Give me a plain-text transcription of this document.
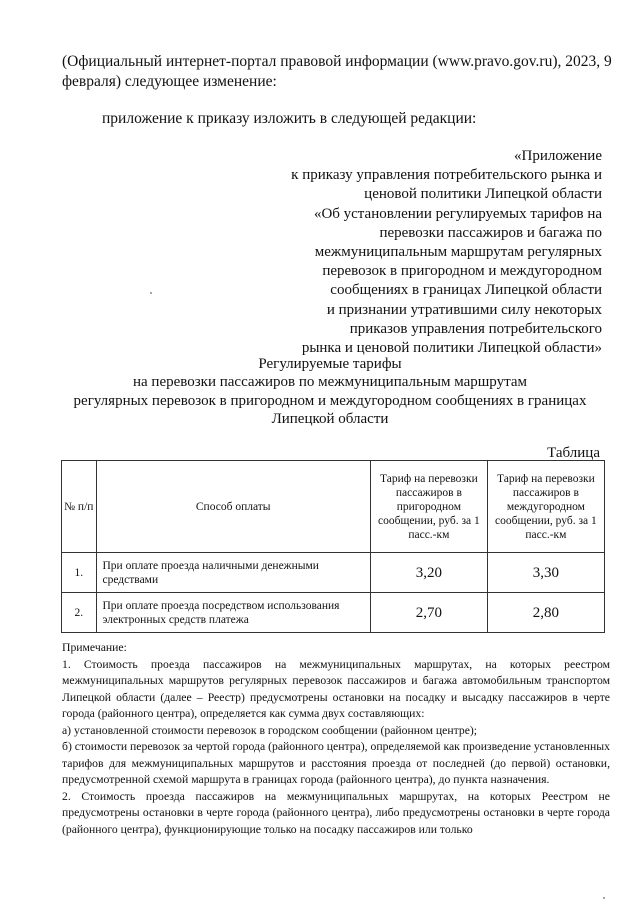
(Официальный интернет-портал правовой информации (www.pravo.gov.ru), 2023, 9
февраля) следующее изменение:
приложение к приказу изложить в следующей редакции:
«Приложение
к приказу управления потребительского рынка и
ценовой политики Липецкой области
«Об установлении регулируемых тарифов на
перевозки пассажиров и багажа по
межмуниципальным маршрутам регулярных
перевозок в пригородном и междугородном
сообщениях в границах Липецкой области
и признании утратившими силу некоторых
приказов управления потребительского
рынка и ценовой политики Липецкой области»
Регулируемые тарифы
на перевозки пассажиров по межмуниципальным маршрутам
регулярных перевозок в пригородном и междугородном сообщениях в границах
Липецкой области
Таблица
№ п/п	Способ оплаты	Тариф на перевозки пассажиров в пригородном сообщении, руб. за 1 пасс.-км	Тариф на перевозки пассажиров в междугородном сообщении, руб. за 1 пасс.-км
1.	При оплате проезда наличными денежными средствами	3,20	3,30
2.	При оплате проезда посредством использования электронных средств платежа	2,70	2,80
Примечание:
1. Стоимость проезда пассажиров на межмуниципальных маршрутах, на которых реестром межмуниципальных маршрутов регулярных перевозок пассажиров и багажа автомобильным транспортом Липецкой области (далее – Реестр) предусмотрены остановки на посадку и высадку пассажиров в черте города (районного центра), определяется как сумма двух составляющих:
а) установленной стоимости перевозок в городском сообщении (районном центре);
б) стоимости перевозок за чертой города (районного центра), определяемой как произведение установленных тарифов для межмуниципальных маршрутов и расстояния проезда от последней (до первой) остановки, предусмотренной схемой маршрута в границах города (районного центра), до пункта назначения.
2. Стоимость проезда пассажиров на межмуниципальных маршрутах, на которых Реестром не предусмотрены остановки в черте города (районного центра), либо предусмотрены остановки в черте города (районного центра), функционирующие только на посадку пассажиров или только
